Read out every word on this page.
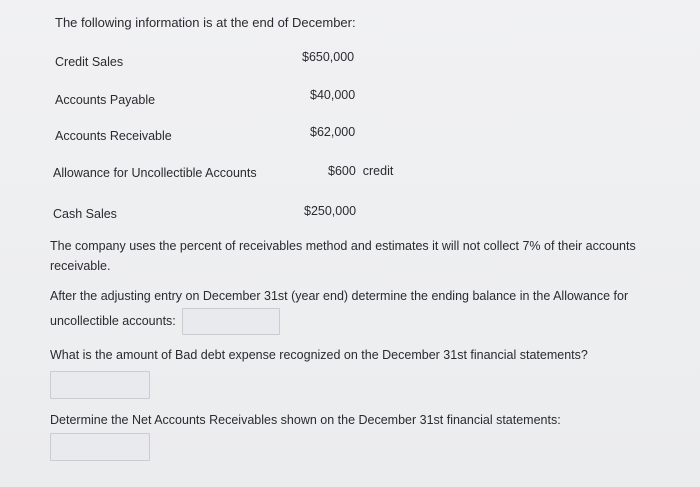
The following information is at the end of December:
Credit Sales	$650,000
Accounts Payable	$40,000
Accounts Receivable	$62,000
Allowance for Uncollectible Accounts	$600  credit
Cash Sales	$250,000
The company uses the percent of receivables method and estimates it will not collect 7% of their accounts receivable.
After the adjusting entry on December 31st (year end) determine the ending balance in the Allowance for uncollectible accounts:
What is the amount of Bad debt expense recognized on the December 31st financial statements?
Determine the Net Accounts Receivables shown on the December 31st financial statements:
